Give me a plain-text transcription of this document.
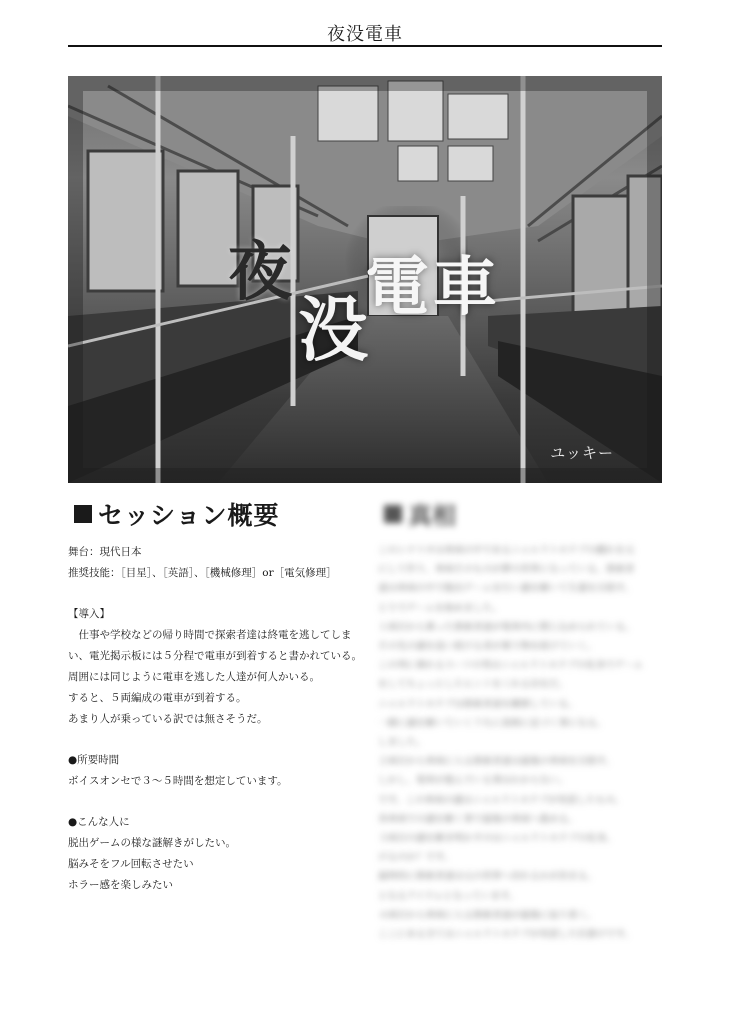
夜没電車
夜 電車
没
ユッキー
セッション概要
舞台：現代日本
推奨技能：［目星］、［英語］、［機械修理］or［電気修理］
【導入】
仕事や学校などの帰り時間で探索者達は終電を逃してしま
い、電光掲示板には５分程で電車が到着すると書かれている。
周囲には同じように電車を逃した人達が何人かいる。
すると、５両編成の電車が到着する。
あまり人が乗っている訳では無さそうだ。
●所要時間
ボイスオンセで３～５時間を想定しています。
●こんな人に
脱出ゲームの様な謎解きがしたい。
脳みそをフル回転させたい
ホラー感を楽しみたい
真相
このシナリオは車両の中であるニャルラトホテプの戯れを元
にして作り、車両そのものが夢の世界になっている。探索者
達は車両の中で脱出ゲームを行い謎を解いて生還を目指す。
とりでゲームを始めました。
１両目から乗った探索者達が電車内に閉じ込められている。
その先の謎を追い続ける者が乗り物を続けていく。
この列に乗れるスーツの男はニャルラトホテプの化身でゲーム
をしてちょっとしたヒントをくれる存在だ。
ニャルラトホテプは探索者達を観察している。
一緒に謎を解いていくうちに真相に近づく事になる。
しました。
２両目から車両に入る探索者達は最後の車両を目指す。
しかし、電車が進んでいる事はわからない。
です。この車両の謎はニャルラトホテプが用意したもの。
各車両での謎を解く事で最後の車両へ進める。
３両目の謎を解き明かすのはニャルラトホテプの化身。
けるのか？です。
最終的に探索者達は元の世界へ戻れるかが決まる。
となるアイテムとなっています。
４両目から車両に入る探索者達が最後に辿り着く。
ここにある全てはニャルラトホテプが用意した仕掛けです。
